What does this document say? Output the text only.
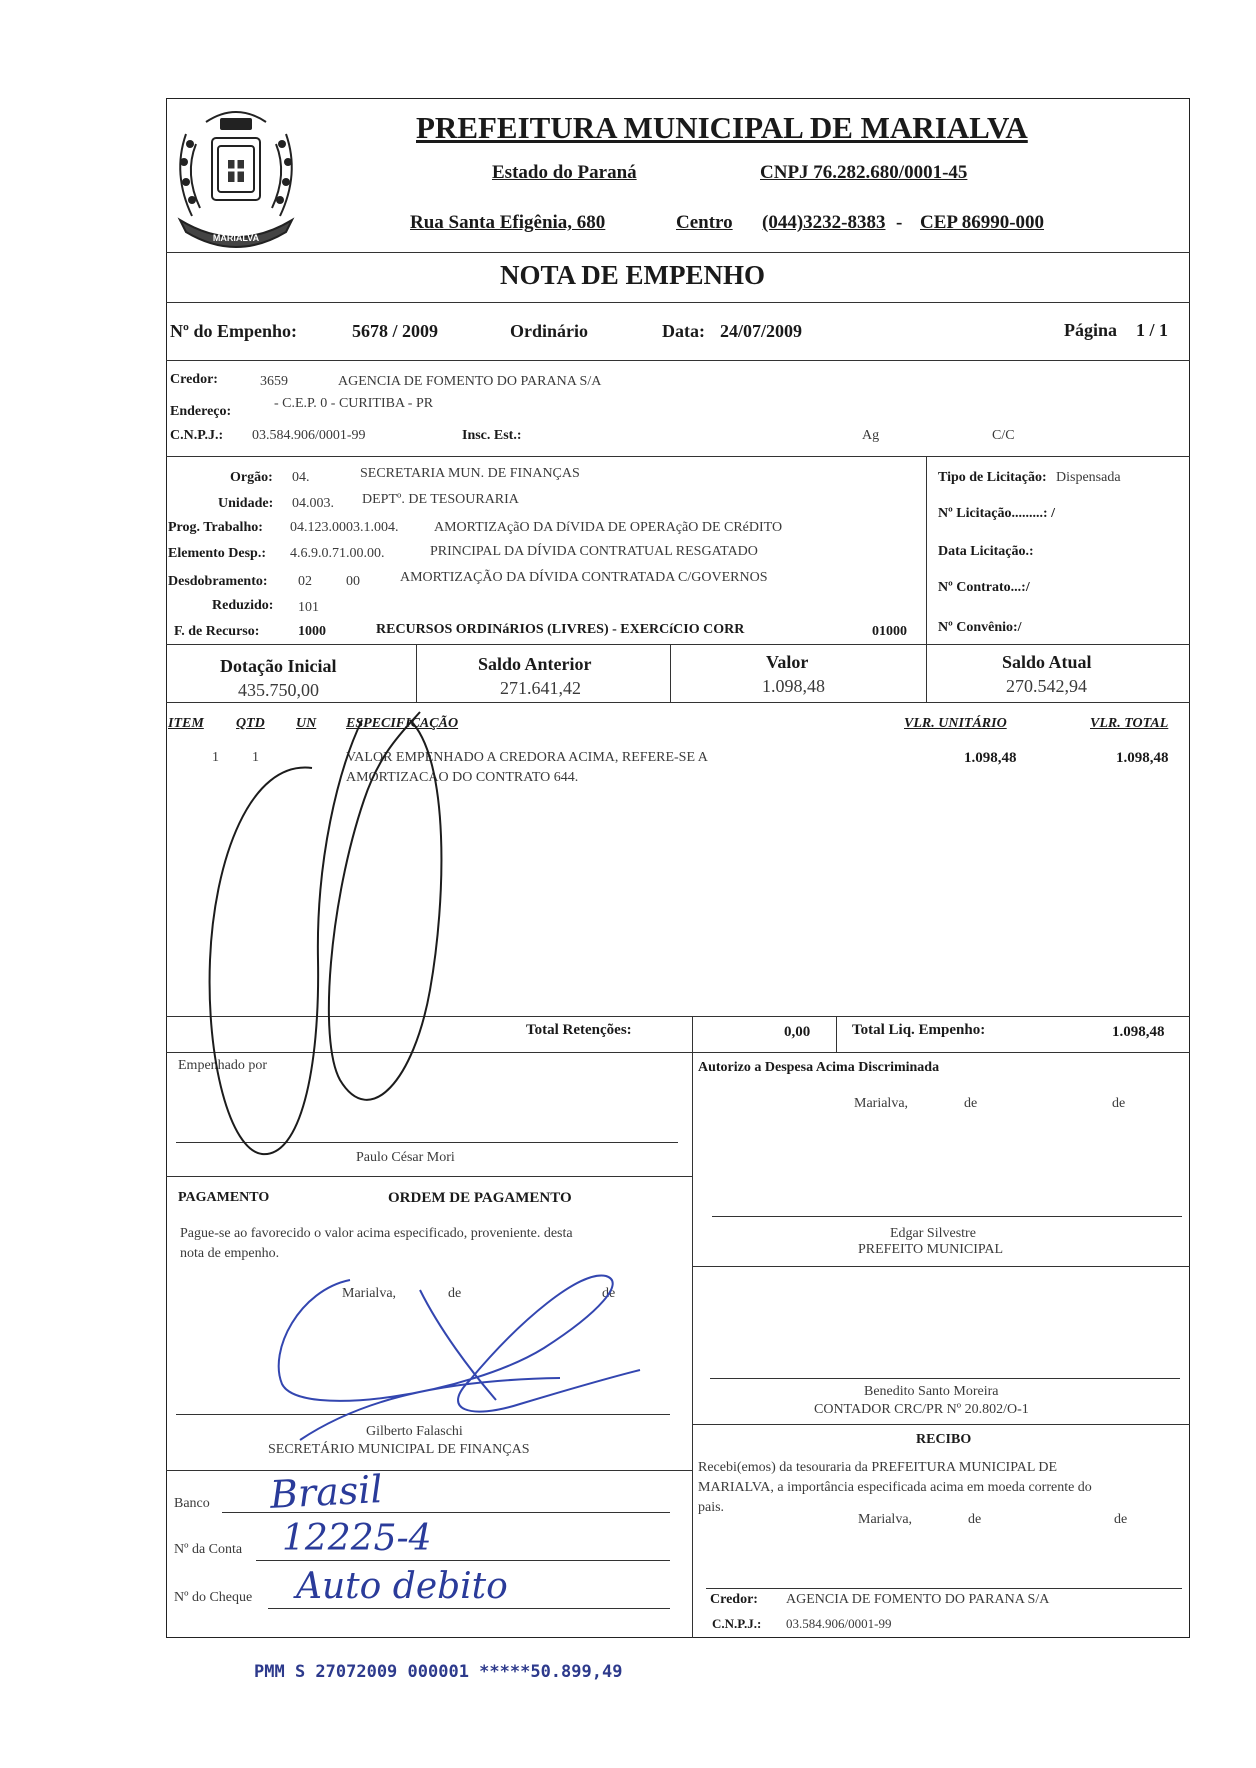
MARIALVA
PREFEITURA MUNICIPAL DE MARIALVA
Estado do Paraná	CNPJ 76.282.680/0001-45
Rua Santa Efigênia, 680	Centro (044)3232-8383 - CEP 86990-000
NOTA DE EMPENHO
Nº do Empenho:	5678 / 2009	Ordinário	Data: 24/07/2009	Página 1 / 1
Credor:	3659	AGENCIA DE FOMENTO DO PARANA S/A
Endereço:
- C.E.P. 0 - CURITIBA - PR
C.N.P.J.: 03.584.906/0001-99	Insc. Est.:	Ag	C/C
Orgão: 04.	SECRETARIA MUN. DE FINANÇAS
Unidade: 04.003. DEPTº. DE TESOURARIA
Prog. Trabalho: 04.123.0003.1.004.	AMORTIZAçãO DA DíVIDA DE OPERAçãO DE CRéDITO
Elemento Desp.: 4.6.9.0.71.00.00.	PRINCIPAL DA DÍVIDA CONTRATUAL RESGATADO
Desdobramento: 02 00	AMORTIZAÇÃO DA DÍVIDA CONTRATADA C/GOVERNOS
Reduzido: 101
F. de Recurso:	1000	RECURSOS ORDINáRIOS (LIVRES) - EXERCíCIO CORR	01000
Tipo de Licitação: Dispensada
Nº Licitação.........: /
Data Licitação.:
Nº Contrato...:/
Nº Convênio:/
Dotação Inicial
435.750,00
Saldo Anterior
271.641,42
Valor
1.098,48
Saldo Atual
270.542,94
ITEM QTD UN ESPECIFICAÇÃO	VLR. UNITÁRIO	VLR. TOTAL
1 1	VALOR EMPENHADO A CREDORA ACIMA, REFERE-SE A
AMORTIZACAO DO CONTRATO 644.
1.098,48	1.098,48
Total Retenções:	0,00	Total Liq. Empenho:	1.098,48
Empenhado por
Paulo César Mori
Autorizo a Despesa Acima Discriminada
Marialva,	de	de
Edgar Silvestre
PREFEITO MUNICIPAL
Benedito Santo Moreira
CONTADOR CRC/PR Nº 20.802/O-1
PAGAMENTO	ORDEM DE PAGAMENTO
Pague-se ao favorecido o valor acima especificado, proveniente. desta
nota de empenho.
Marialva,	de	de
Gilberto Falaschi
SECRETÁRIO MUNICIPAL DE FINANÇAS
Banco Brasil
Nº da Conta 12225-4
Nº do Cheque Auto debito
RECIBO
Recebi(emos) da tesouraria da PREFEITURA MUNICIPAL DE
MARIALVA, a importância especificada acima em moeda corrente do
pais.
Marialva,	de	de
Credor: AGENCIA DE FOMENTO DO PARANA S/A
C.N.P.J.: 03.584.906/0001-99
PMM S 27072009 000001 *****50.899,49
